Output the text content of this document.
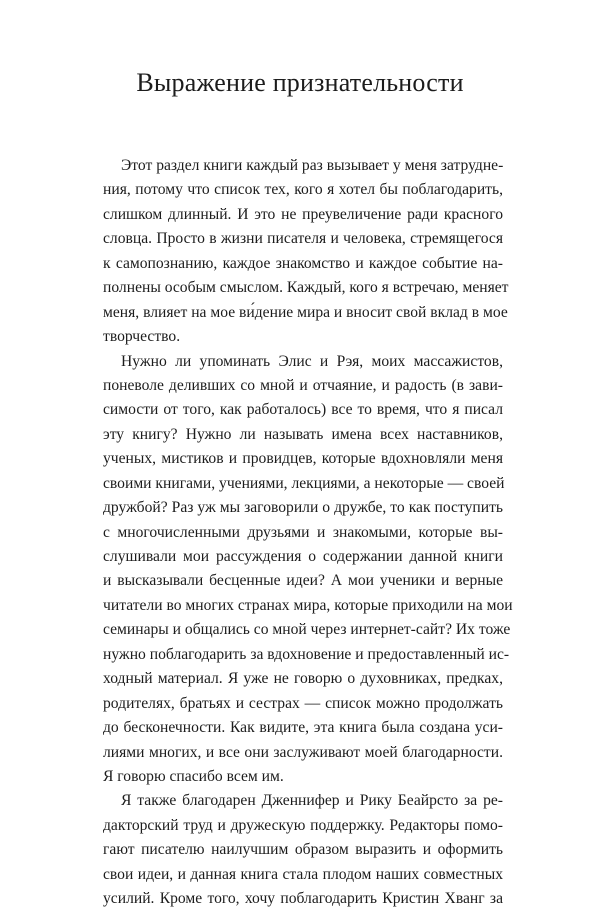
Выражение признательности
Этот раздел книги каждый раз вызывает у меня затрудне-
ния, потому что список тех, кого я хотел бы поблагодарить,
слишком длинный. И это не преувеличение ради красного
словца. Просто в жизни писателя и человека, стремящегося
к самопознанию, каждое знакомство и каждое событие на-
полнены особым смыслом. Каждый, кого я встречаю, меняет
меня, влияет на мое ви́дение мира и вносит свой вклад в мое
творчество.
Нужно ли упоминать Элис и Рэя, моих массажистов,
поневоле деливших со мной и отчаяние, и радость (в зави-
симости от того, как работалось) все то время, что я писал
эту книгу? Нужно ли называть имена всех наставников,
ученых, мистиков и провидцев, которые вдохновляли меня
своими книгами, учениями, лекциями, а некоторые — своей
дружбой? Раз уж мы заговорили о дружбе, то как поступить
с многочисленными друзьями и знакомыми, которые вы-
слушивали мои рассуждения о содержании данной книги
и высказывали бесценные идеи? А мои ученики и верные
читатели во многих странах мира, которые приходили на мои
семинары и общались со мной через интернет-сайт? Их тоже
нужно поблагодарить за вдохновение и предоставленный ис-
ходный материал. Я уже не говорю о духовниках, предках,
родителях, братьях и сестрах — список можно продолжать
до бесконечности. Как видите, эта книга была создана уси-
лиями многих, и все они заслуживают моей благодарности.
Я говорю спасибо всем им.
Я также благодарен Дженнифер и Рику Беайрсто за ре-
дакторский труд и дружескую поддержку. Редакторы помо-
гают писателю наилучшим образом выразить и оформить
свои идеи, и данная книга стала плодом наших совместных
усилий. Кроме того, хочу поблагодарить Кристин Хванг за
